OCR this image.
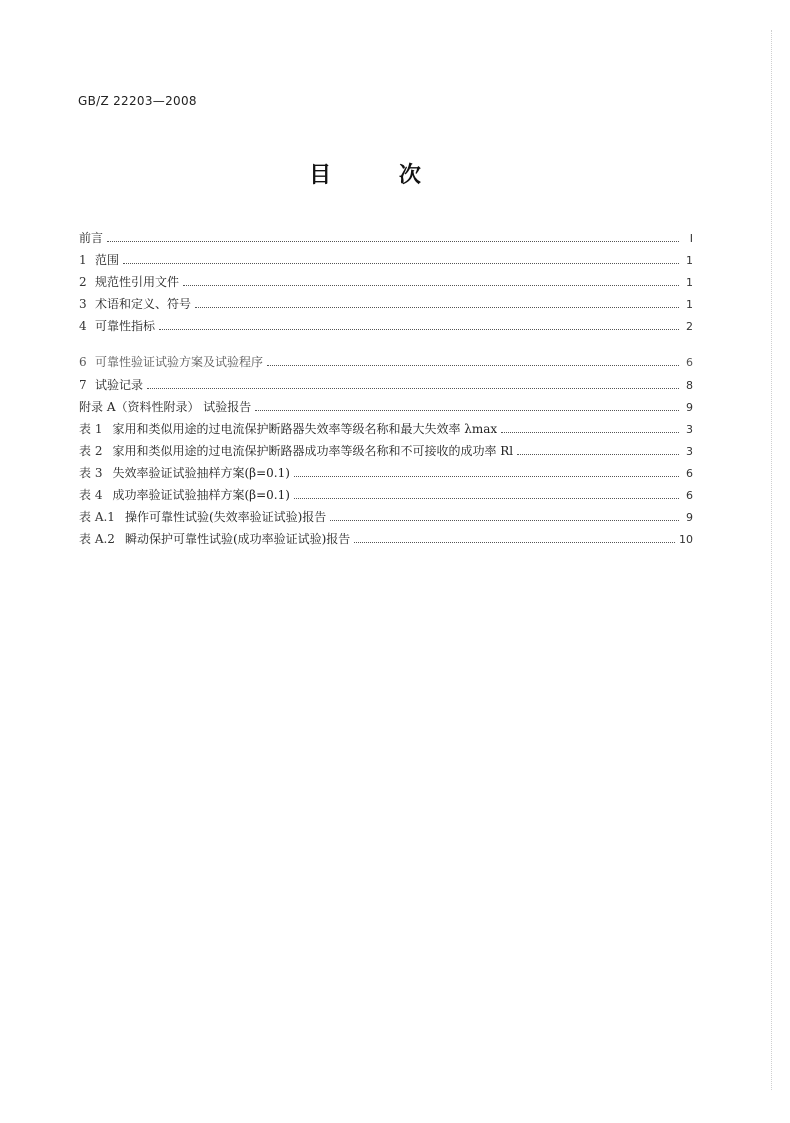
GB/Z 22203—2008
目 次
前言	I
1 范围	1
2 规范性引用文件	1
3 术语和定义、符号	1
4 可靠性指标	2
6 可靠性验证试验方案及试验程序	6
7 试验记录	8
附录 A（资料性附录） 试验报告	9
表 1 家用和类似用途的过电流保护断路器失效率等级名称和最大失效率 λmax	3
表 2 家用和类似用途的过电流保护断路器成功率等级名称和不可接收的成功率 Rl	3
表 3 失效率验证试验抽样方案(β=0.1)	6
表 4 成功率验证试验抽样方案(β=0.1)	6
表 A.1 操作可靠性试验(失效率验证试验)报告	9
表 A.2 瞬动保护可靠性试验(成功率验证试验)报告	10
